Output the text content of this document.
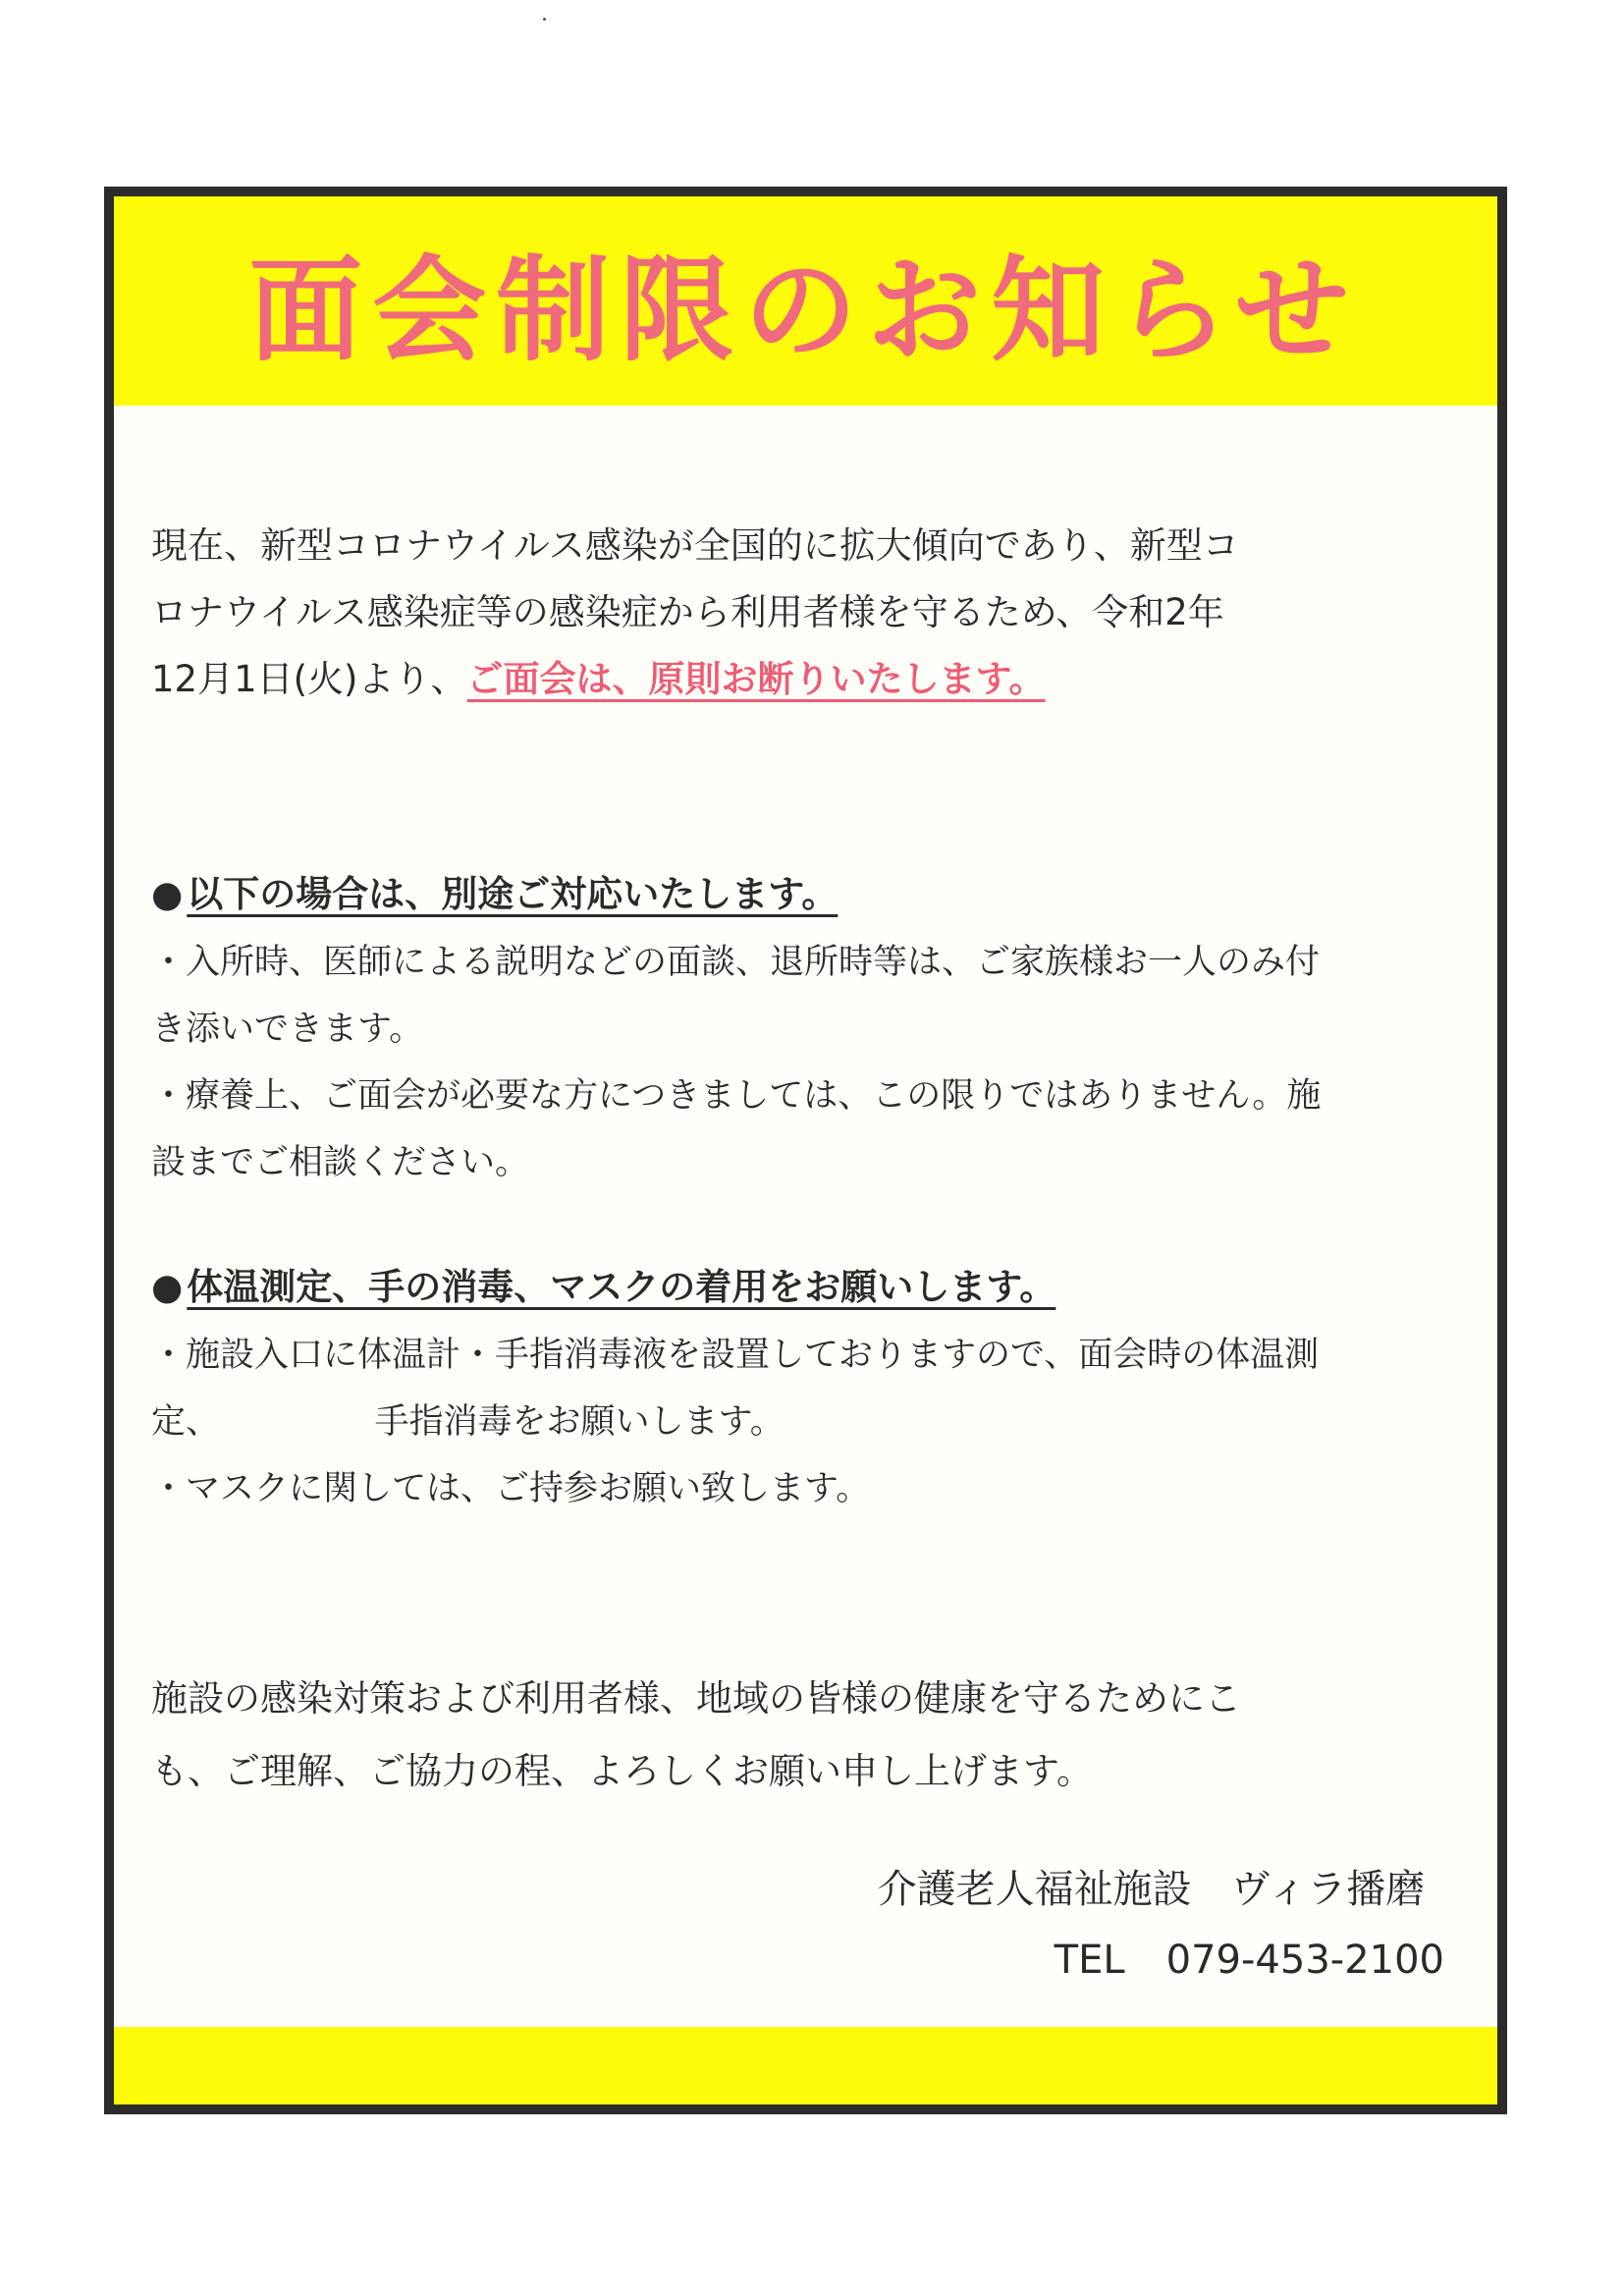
面会制限のお知らせ

現在、新型コロナウイルス感染が全国的に拡大傾向であり、新型コ

ロナウイルス感染症等の感染症から利用者様を守るため、令和2年

12月1日(火)より、ご面会は、原則お断りいたします。

● 以下の場合は、別途ご対応いたします。

・入所時、医師による説明などの面談、退所時等は、ご家族様お一人のみ付

き添いできます。

・療養上、ご面会が必要な方につきましては、この限りではありません。施

設までご相談ください。

● 体温測定、手の消毒、マスクの着用をお願いします。

・施設入口に体温計・手指消毒液を設置しておりますので、面会時の体温測

定、　　　　　手指消毒をお願いします。

・マスクに関しては、ご持参お願い致します。

施設の感染対策および利用者様、地域の皆様の健康を守るためにこ

も、ご理解、ご協力の程、よろしくお願い申し上げます。

介護老人福祉施設　ヴィラ播磨

TEL 079-453-2100
